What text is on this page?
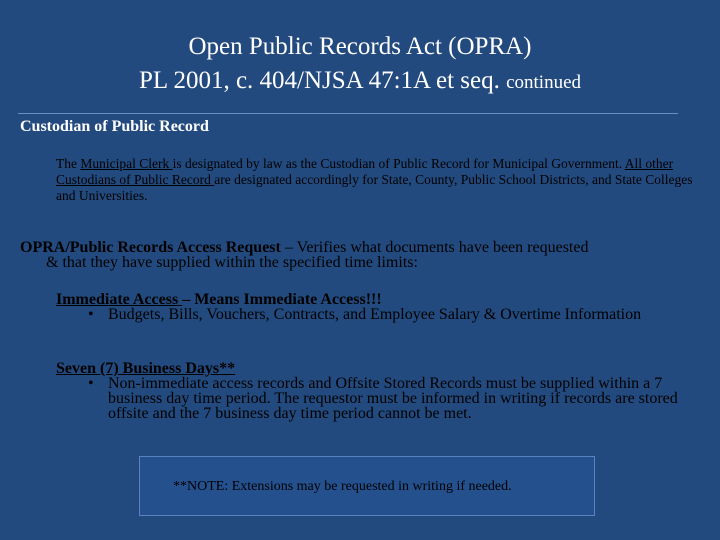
Open Public Records Act (OPRA)
PL 2001, c. 404/NJSA 47:1A et seq. continued
Custodian of Public Record
The Municipal Clerk is designated by law as the Custodian of Public Record for Municipal Government. All other Custodians of Public Record are designated accordingly for State, County, Public School Districts, and State Colleges and Universities.
OPRA/Public Records Access Request – Verifies what documents have been requested
& that they have supplied within the specified time limits:
Immediate Access – Means Immediate Access!!!
• Budgets, Bills, Vouchers, Contracts, and Employee Salary & Overtime Information
Seven (7) Business Days**
• Non-immediate access records and Offsite Stored Records must be supplied within a 7 business day time period. The requestor must be informed in writing if records are stored offsite and the 7 business day time period cannot be met.
**NOTE: Extensions may be requested in writing if needed.
